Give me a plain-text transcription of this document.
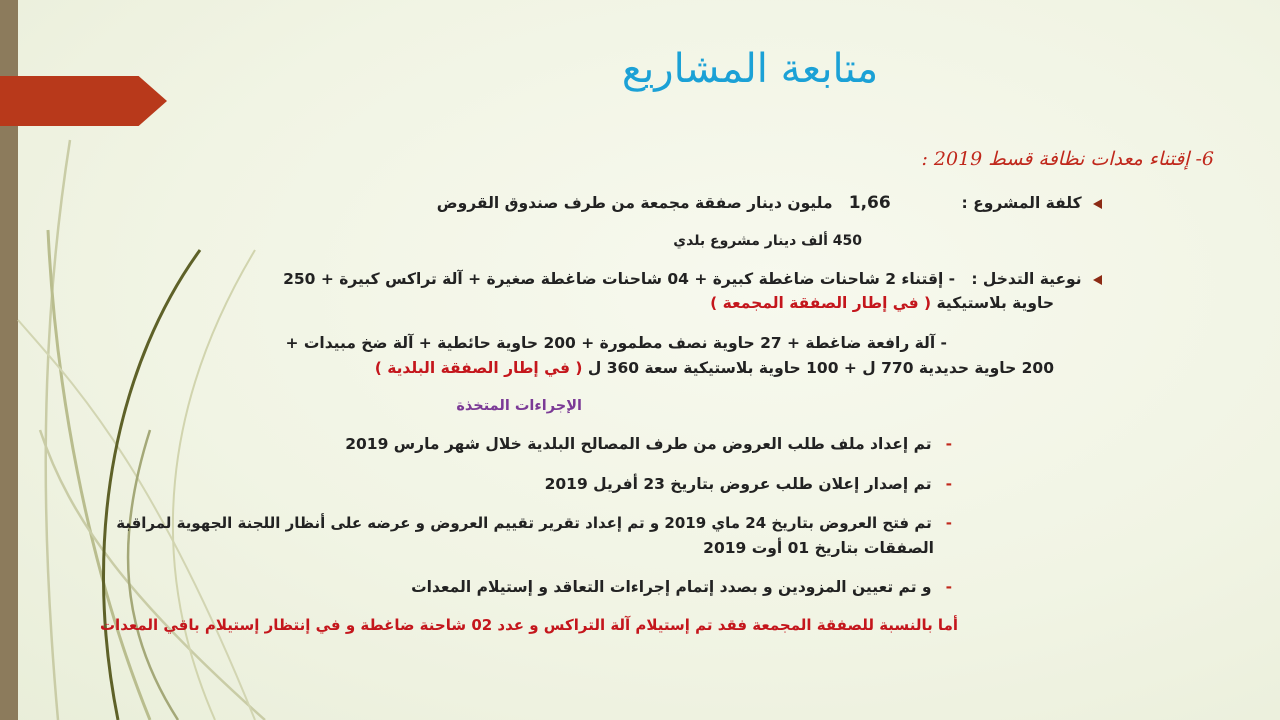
متابعة المشاريع
6- إقتناء معدات نظافة قسط 2019 :
كلفة المشروع :  1,66   مليون دينار صفقة مجمعة من طرف صندوق القروض
450 ألف دينار مشروع بلدي
نوعية التدخل :   - إقتناء 2 شاحنات ضاغطة كبيرة + 04 شاحنات ضاغطة صغيرة + آلة تراكس كبيرة + 250
حاوية بلاستيكية ( في إطار الصفقة المجمعة )
- آلة رافعة ضاغطة + 27 حاوية نصف مطمورة + 200 حاوية حائطية + آلة ضخ مبيدات +
200 حاوية حديدية 770 ل + 100 حاوية بلاستيكية سعة 360 ل ( في إطار الصفقة البلدية )
الإجراءات المتخذة
-تم إعداد ملف طلب العروض من طرف المصالح البلدية خلال شهر مارس 2019
-تم إصدار إعلان طلب عروض بتاريخ 23 أفريل 2019
-تم فتح العروض بتاريخ 24 ماي 2019 و تم إعداد تقرير تقييم العروض و عرضه على أنظار اللجنة الجهوية لمراقبة
الصفقات بتاريخ 01 أوت 2019
-و تم تعيين المزودين و بصدد إتمام إجراءات التعاقد و إستيلام المعدات
أما بالنسبة للصفقة المجمعة فقد تم إستيلام آلة التراكس و عدد 02 شاحنة ضاغطة و في إنتظار إستيلام باقي المعدات
